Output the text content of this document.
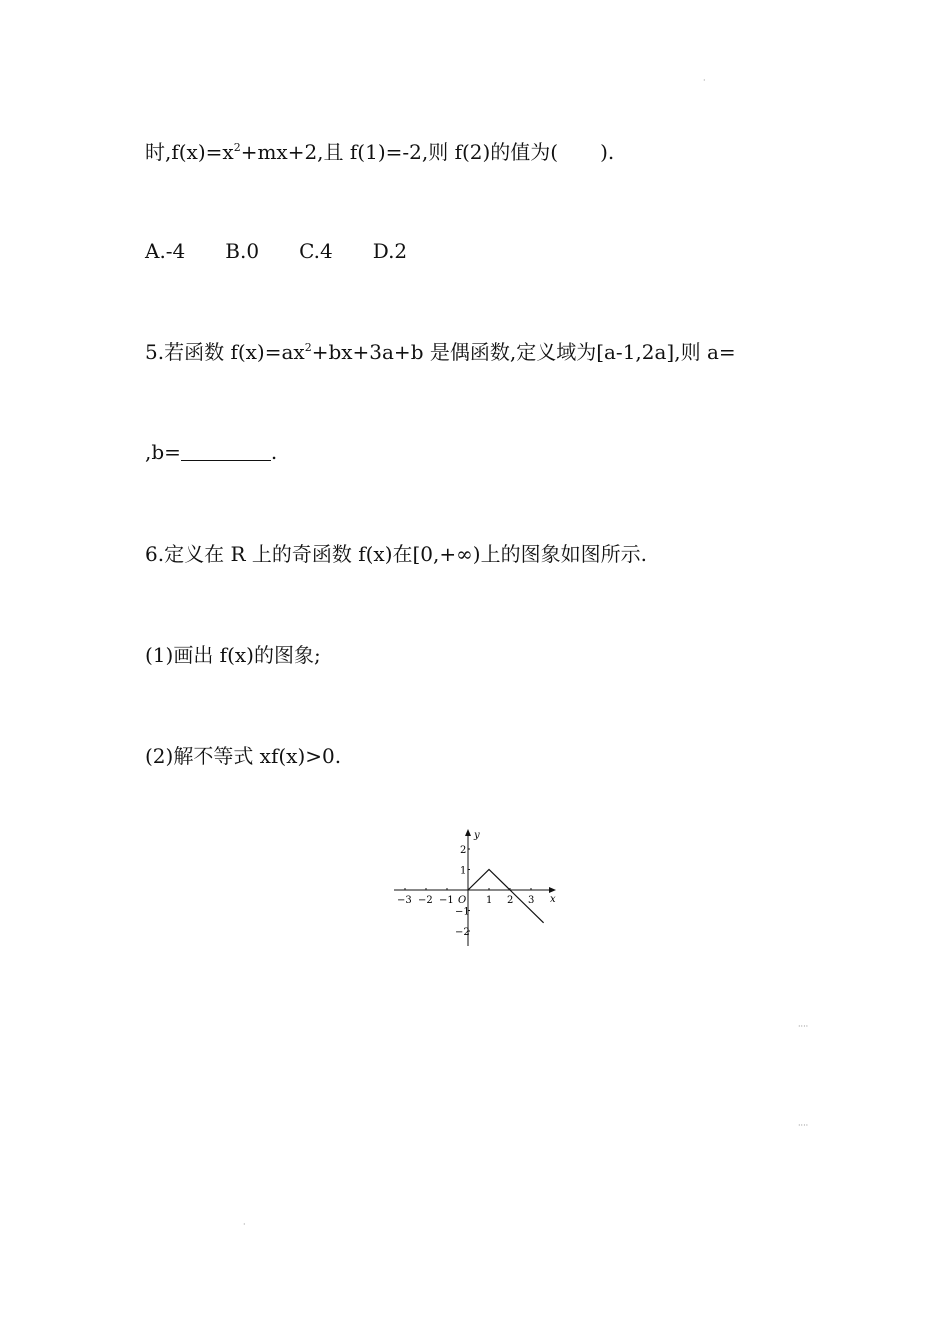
时$,f(x)=x^2+mx+2$,且 f(1)=-2,则 f(2)的值为( ).
A.-4 B.0 C.4 D.2
5.若函数 $f(x)=ax^2+bx+3a+b$ 是偶函数,定义域为[a-1,2a],则 a=
,b=	.
6.定义在 R 上的奇函数 f(x)在[0,+∞)上的图象如图所示.
(1)画出 f(x)的图象;
(2)解不等式 xf(x)>0.
x
y
O
−3 −2 −1	1 2 3
2
1
−1
−2
·
····
····
·
